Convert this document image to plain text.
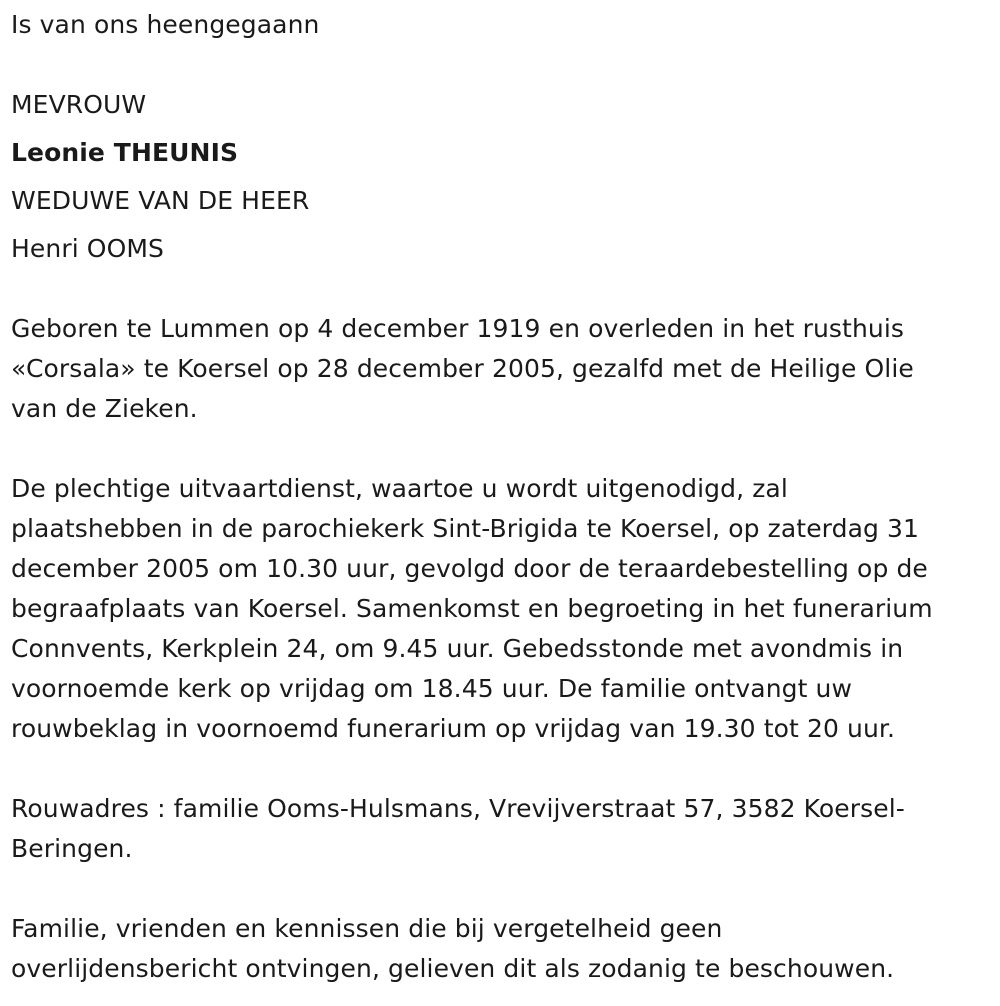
Is van ons heengegaann
MEVROUW
Leonie THEUNIS
WEDUWE VAN DE HEER
Henri OOMS
Geboren te Lummen op 4 december 1919 en overleden in het rusthuis
«Corsala» te Koersel op 28 december 2005, gezalfd met de Heilige Olie
van de Zieken.
De plechtige uitvaartdienst, waartoe u wordt uitgenodigd, zal
plaatshebben in de parochiekerk Sint-Brigida te Koersel, op zaterdag 31
december 2005 om 10.30 uur, gevolgd door de teraardebestelling op de
begraafplaats van Koersel. Samenkomst en begroeting in het funerarium
Connvents, Kerkplein 24, om 9.45 uur. Gebedsstonde met avondmis in
voornoemde kerk op vrijdag om 18.45 uur. De familie ontvangt uw
rouwbeklag in voornoemd funerarium op vrijdag van 19.30 tot 20 uur.
Rouwadres : familie Ooms-Hulsmans, Vrevijverstraat 57, 3582 Koersel-
Beringen.
Familie, vrienden en kennissen die bij vergetelheid geen
overlijdensbericht ontvingen, gelieven dit als zodanig te beschouwen.
